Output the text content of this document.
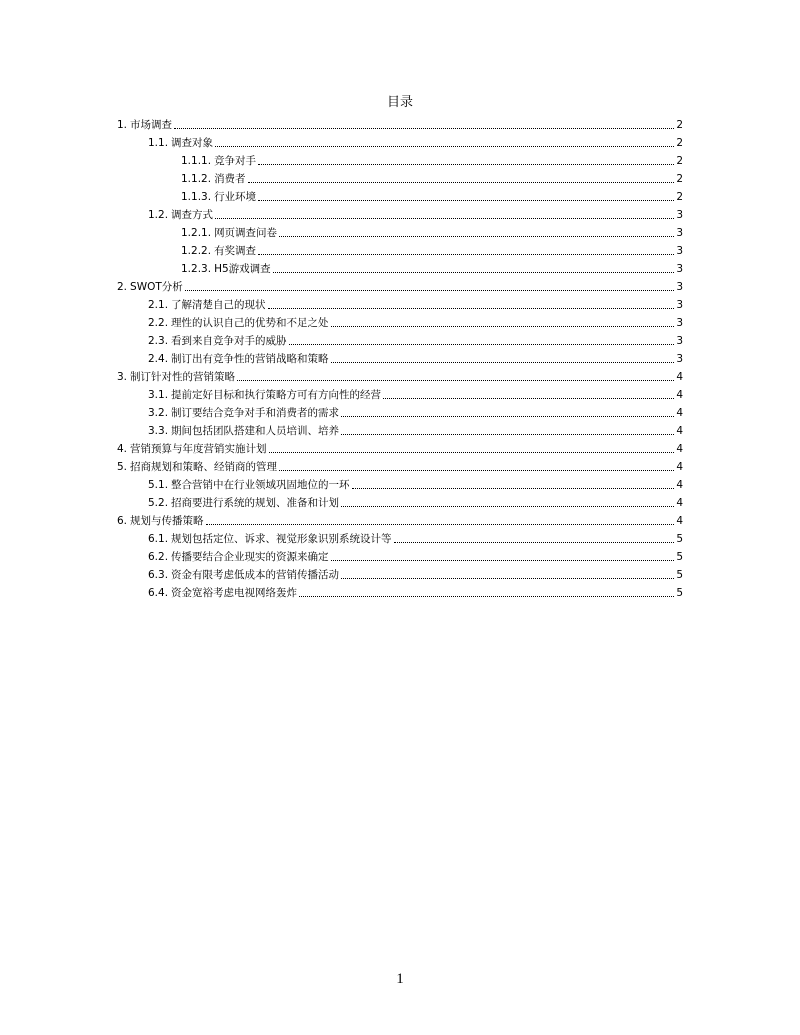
目录
1. 市场调查	2
1.1. 调查对象	2
1.1.1. 竞争对手	2
1.1.2. 消费者	2
1.1.3. 行业环境	2
1.2. 调查方式	3
1.2.1. 网页调查问卷	3
1.2.2. 有奖调查	3
1.2.3. H5游戏调查	3
2. SWOT分析	3
2.1. 了解清楚自己的现状	3
2.2. 理性的认识自己的优势和不足之处	3
2.3. 看到来自竞争对手的威胁	3
2.4. 制订出有竞争性的营销战略和策略	3
3. 制订针对性的营销策略	4
3.1. 提前定好目标和执行策略方可有方向性的经营	4
3.2. 制订要结合竞争对手和消费者的需求	4
3.3. 期间包括团队搭建和人员培训、培养	4
4. 营销预算与年度营销实施计划	4
5. 招商规划和策略、经销商的管理	4
5.1. 整合营销中在行业领域巩固地位的一环	4
5.2. 招商要进行系统的规划、准备和计划	4
6. 规划与传播策略	4
6.1. 规划包括定位、诉求、视觉形象识别系统设计等	5
6.2. 传播要结合企业现实的资源来确定	5
6.3. 资金有限考虑低成本的营销传播活动	5
6.4. 资金宽裕考虑电视网络轰炸	5
1
